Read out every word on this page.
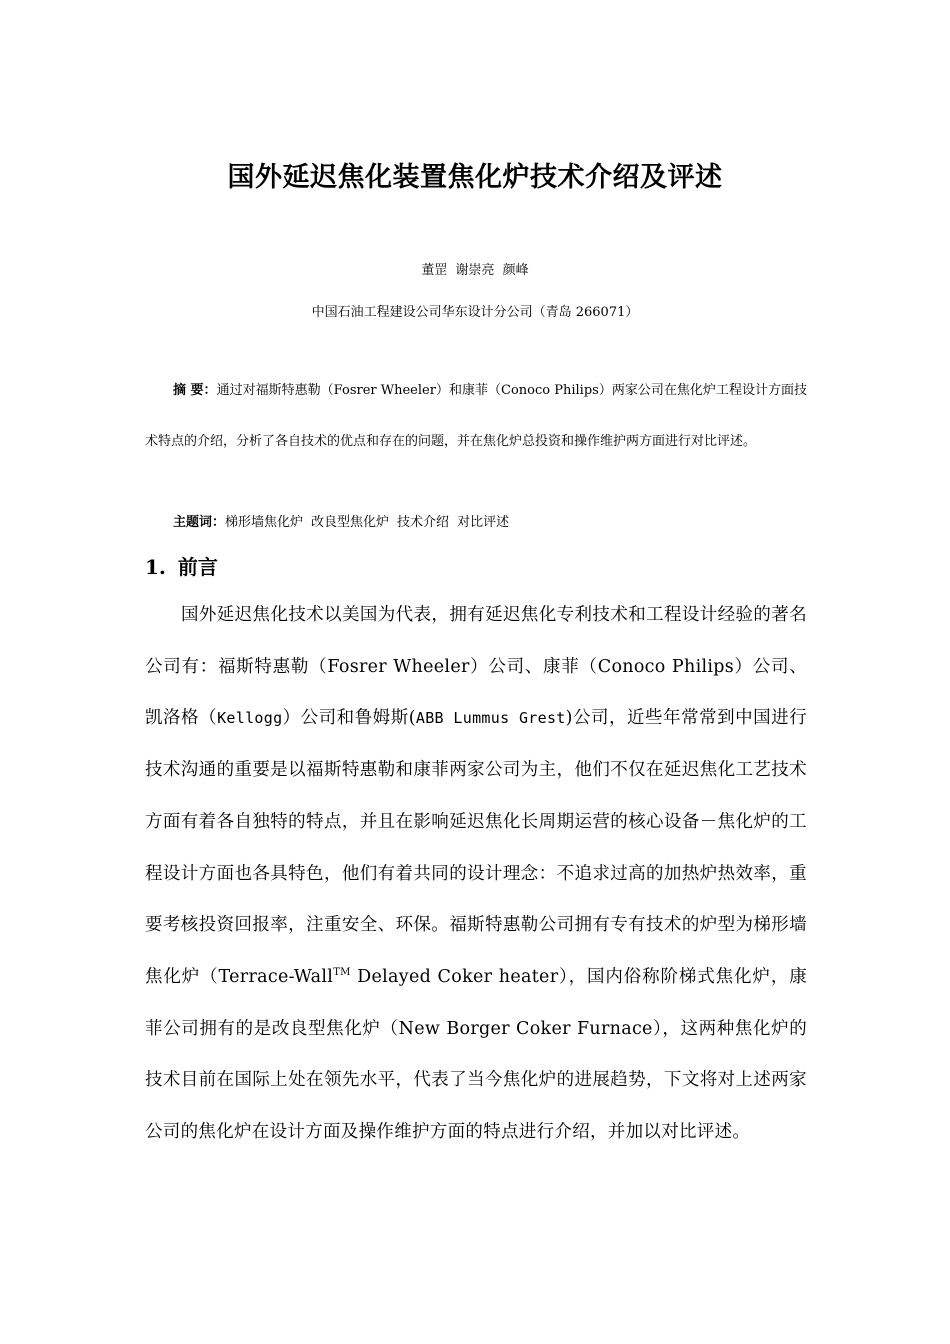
国外延迟焦化装置焦化炉技术介绍及评述
董罡 谢崇亮 颜峰
中国石油工程建设公司华东设计分公司（青岛 266071）

摘 要：通过对福斯特惠勒（Fosrer Wheeler）和康菲（Conoco Philips）两家公司在焦化炉工程设计方面技术特点的介绍，分析了各自技术的优点和存在的问题，并在焦化炉总投资和操作维护两方面进行对比评述。

主题词：梯形墙焦化炉 改良型焦化炉 技术介绍 对比评述
1. 前言

国外延迟焦化技术以美国为代表，拥有延迟焦化专利技术和工程设计经验的著名公司有：福斯特惠勒（Fosrer Wheeler）公司、康菲（Conoco Philips）公司、凯洛格（Kellogg）公司和鲁姆斯(ABB Lummus Grest)公司，近些年常常到中国进行技术沟通的重要是以福斯特惠勒和康菲两家公司为主，他们不仅在延迟焦化工艺技术方面有着各自独特的特点，并且在影响延迟焦化长周期运营的核心设备－焦化炉的工程设计方面也各具特色，他们有着共同的设计理念：不追求过高的加热炉热效率，重要考核投资回报率，注重安全、环保。福斯特惠勒公司拥有专有技术的炉型为梯形墙焦化炉（Terrace-Wall™ Delayed Coker heater），国内俗称阶梯式焦化炉，康菲公司拥有的是改良型焦化炉（New Borger Coker Furnace），这两种焦化炉的技术目前在国际上处在领先水平，代表了当今焦化炉的进展趋势，下文将对上述两家公司的焦化炉在设计方面及操作维护方面的特点进行介绍，并加以对比评述。
